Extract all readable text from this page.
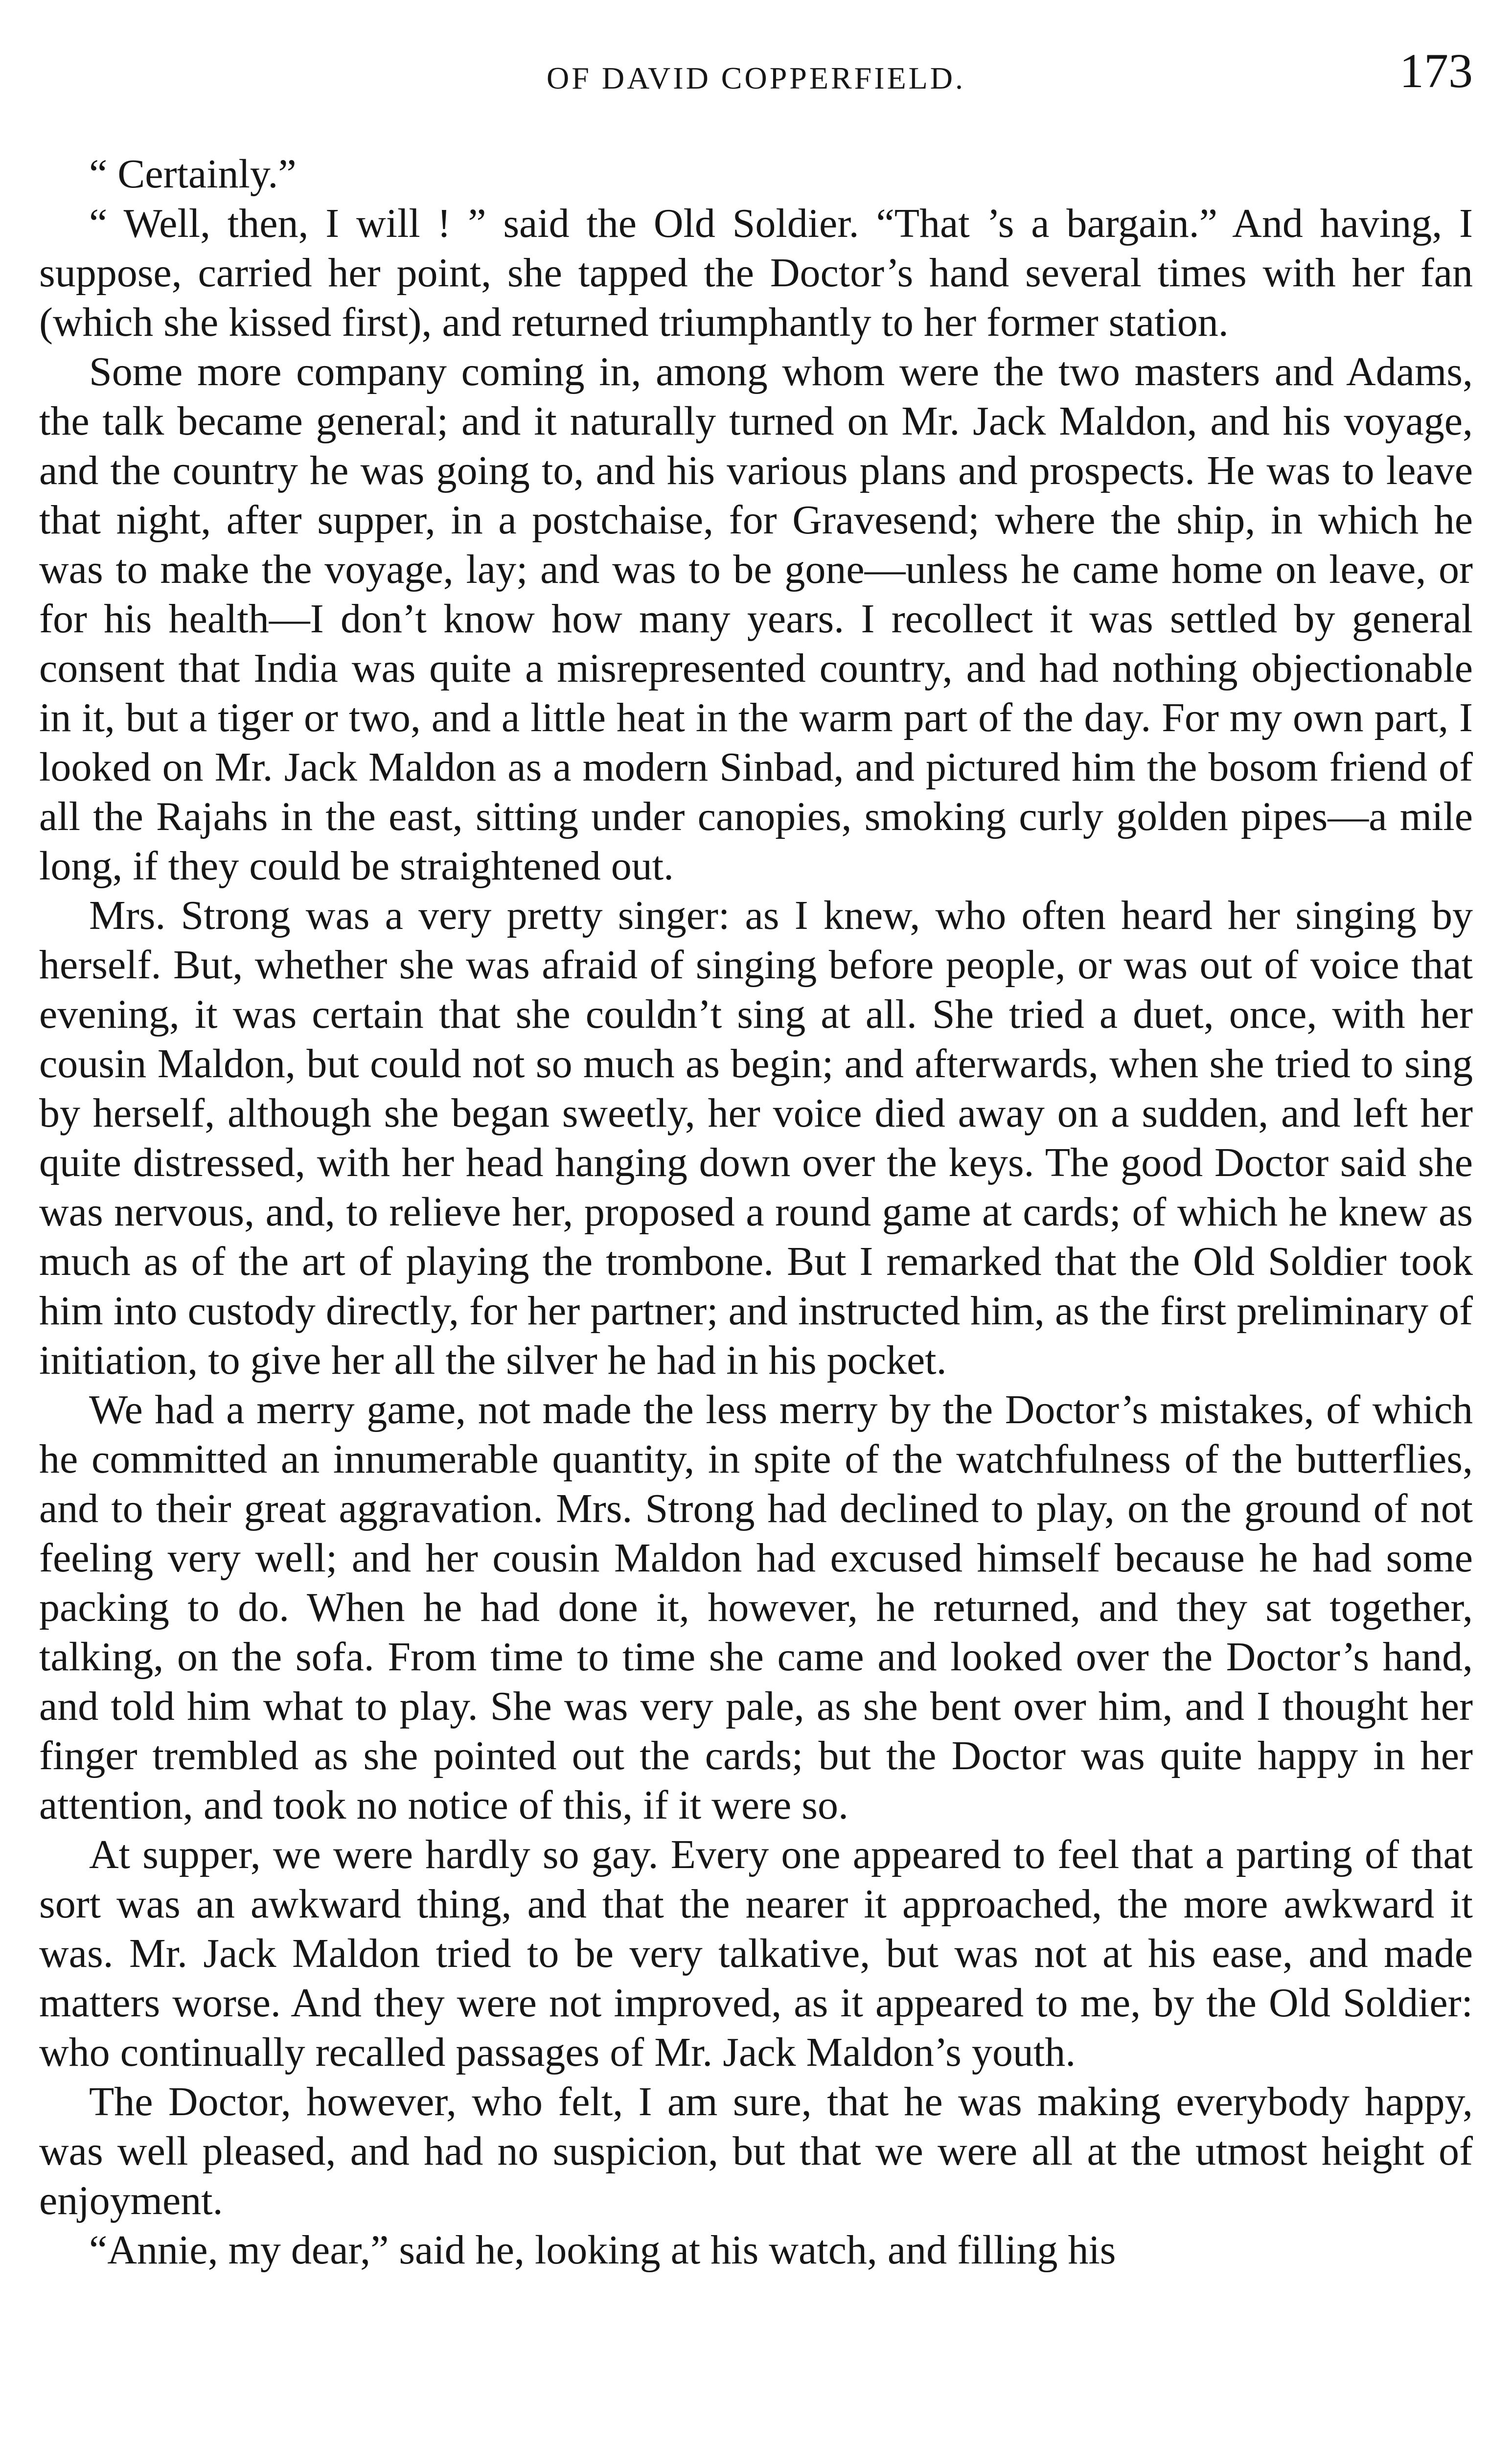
OF DAVID COPPERFIELD.	173

“ Certainly.”

“ Well, then, I will ! ” said the Old Soldier. “That ’s a bargain.” And having, I suppose, carried her point, she tapped the Doctor’s hand several times with her fan (which she kissed first), and returned triumphantly to her former station.

Some more company coming in, among whom were the two masters and Adams, the talk became general; and it naturally turned on Mr. Jack Maldon, and his voyage, and the country he was going to, and his various plans and prospects. He was to leave that night, after supper, in a postchaise, for Gravesend; where the ship, in which he was to make the voyage, lay; and was to be gone—unless he came home on leave, or for his health—I don’t know how many years. I recollect it was settled by general consent that India was quite a misrepresented country, and had nothing objectionable in it, but a tiger or two, and a little heat in the warm part of the day. For my own part, I looked on Mr. Jack Maldon as a modern Sinbad, and pictured him the bosom friend of all the Rajahs in the east, sitting under canopies, smoking curly golden pipes—a mile long, if they could be straightened out.

Mrs. Strong was a very pretty singer: as I knew, who often heard her singing by herself. But, whether she was afraid of singing before people, or was out of voice that evening, it was certain that she couldn’t sing at all. She tried a duet, once, with her cousin Maldon, but could not so much as begin; and afterwards, when she tried to sing by herself, although she began sweetly, her voice died away on a sudden, and left her quite distressed, with her head hanging down over the keys. The good Doctor said she was nervous, and, to relieve her, proposed a round game at cards; of which he knew as much as of the art of playing the trombone. But I remarked that the Old Soldier took him into custody directly, for her partner; and instructed him, as the first preliminary of initiation, to give her all the silver he had in his pocket.

We had a merry game, not made the less merry by the Doctor’s mistakes, of which he committed an innumerable quantity, in spite of the watchfulness of the butterflies, and to their great aggravation. Mrs. Strong had declined to play, on the ground of not feeling very well; and her cousin Maldon had excused himself because he had some packing to do. When he had done it, however, he returned, and they sat together, talking, on the sofa. From time to time she came and looked over the Doctor’s hand, and told him what to play. She was very pale, as she bent over him, and I thought her finger trembled as she pointed out the cards; but the Doctor was quite happy in her attention, and took no notice of this, if it were so.

At supper, we were hardly so gay. Every one appeared to feel that a parting of that sort was an awkward thing, and that the nearer it approached, the more awkward it was. Mr. Jack Maldon tried to be very talkative, but was not at his ease, and made matters worse. And they were not improved, as it appeared to me, by the Old Soldier: who continually recalled passages of Mr. Jack Maldon’s youth.

The Doctor, however, who felt, I am sure, that he was making everybody happy, was well pleased, and had no suspicion, but that we were all at the utmost height of enjoyment.

“Annie, my dear,” said he, looking at his watch, and filling his
